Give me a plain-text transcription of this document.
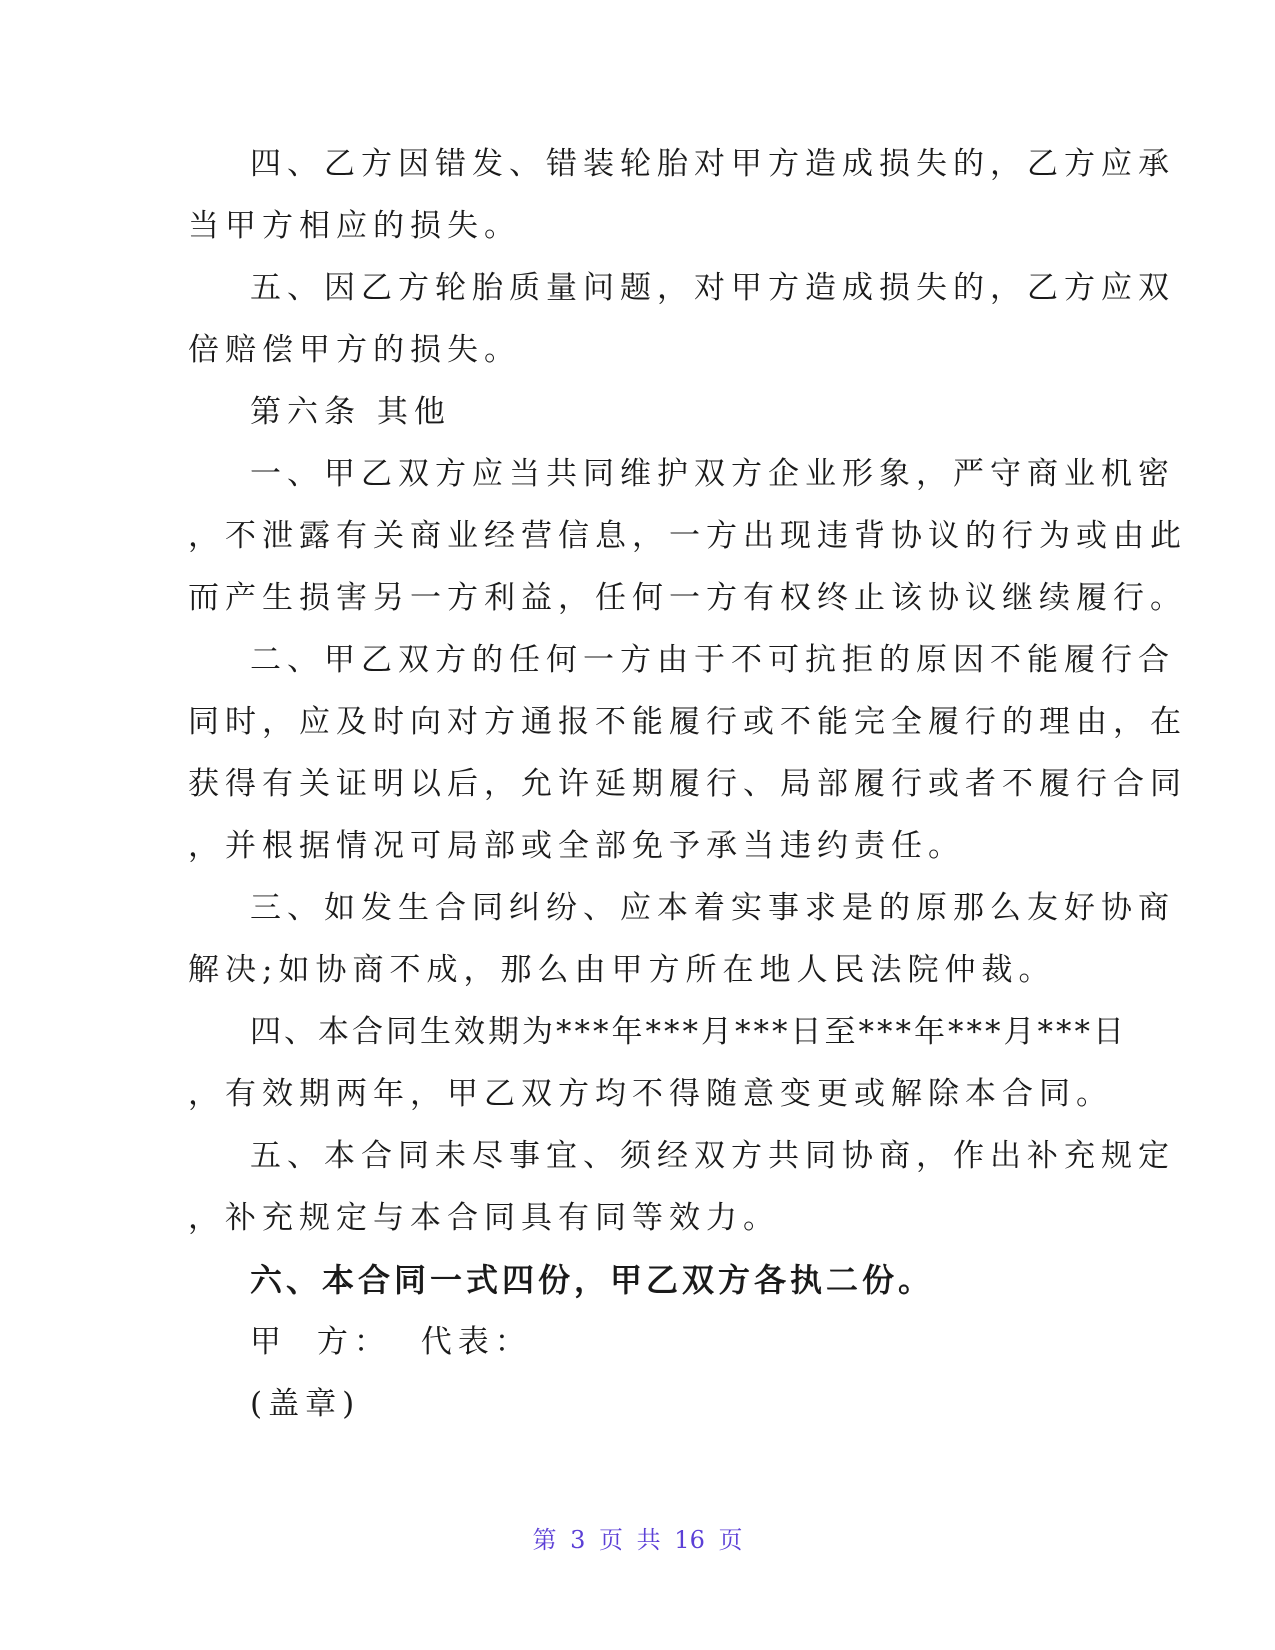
四、乙方因错发、错装轮胎对甲方造成损失的，乙方应承
当甲方相应的损失。
五、因乙方轮胎质量问题，对甲方造成损失的，乙方应双
倍赔偿甲方的损失。
第六条 其他
一、甲乙双方应当共同维护双方企业形象，严守商业机密
，不泄露有关商业经营信息，一方出现违背协议的行为或由此
而产生损害另一方利益，任何一方有权终止该协议继续履行。
二、甲乙双方的任何一方由于不可抗拒的原因不能履行合
同时，应及时向对方通报不能履行或不能完全履行的理由，在
获得有关证明以后，允许延期履行、局部履行或者不履行合同
，并根据情况可局部或全部免予承当违约责任。
三、如发生合同纠纷、应本着实事求是的原那么友好协商
解决;如协商不成，那么由甲方所在地人民法院仲裁。
四、本合同生效期为***年***月***日至***年***月***日
，有效期两年，甲乙双方均不得随意变更或解除本合同。
五、本合同未尽事宜、须经双方共同协商，作出补充规定
，补充规定与本合同具有同等效力。
六、本合同一式四份，甲乙双方各执二份。
甲 方： 代表：
(盖章)
第 3 页 共 16 页
